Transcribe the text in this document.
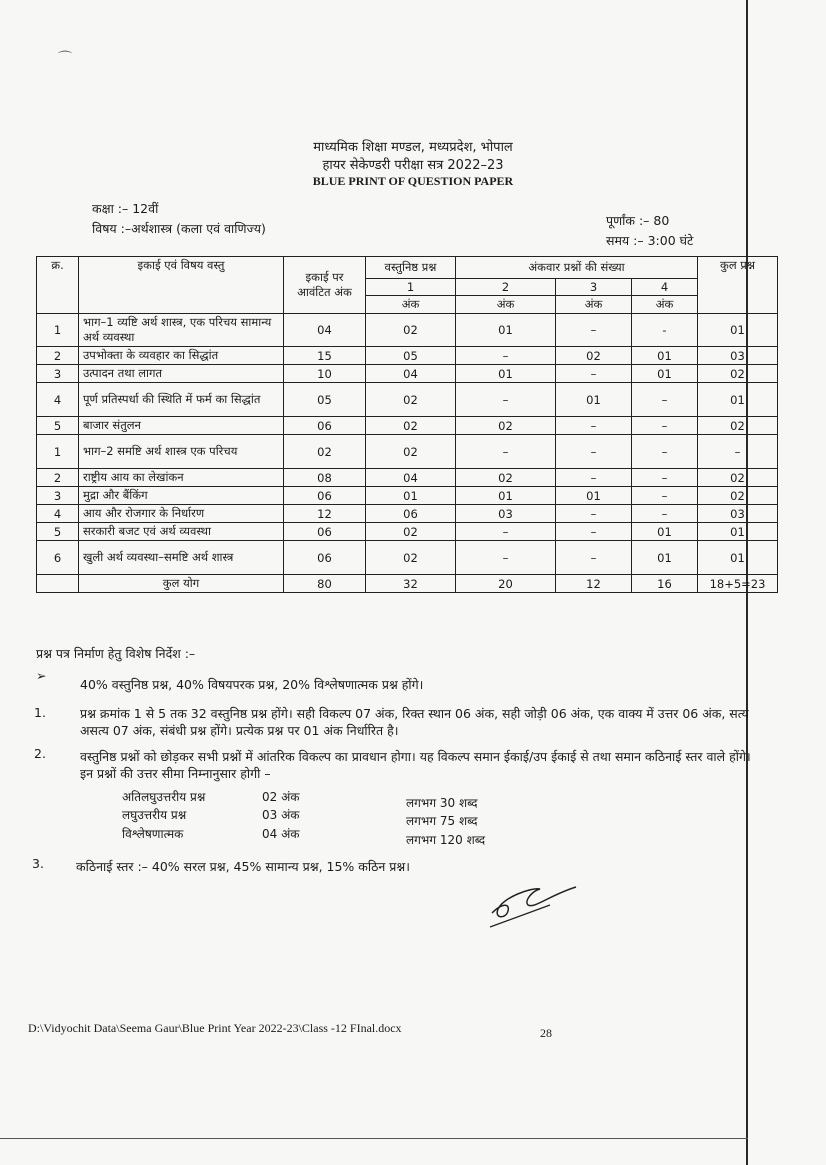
⌒
माध्यमिक शिक्षा मण्डल, मध्यप्रदेश, भोपाल
हायर सेकेण्डरी परीक्षा सत्र 2022–23
BLUE PRINT OF QUESTION PAPER
कक्षा :– 12वीं
विषय :–अर्थशास्त्र (कला एवं वाणिज्य)
पूर्णांक :– 80
समय :– 3:00 घंटे
क्र.	इकाई एवं विषय वस्तु	इकाई पर आवंटित अंक	वस्तुनिष्ठ प्रश्न	अंकवार प्रश्नों की संख्या			कुल प्रश्न
			1	2	3	4	
			अंक	अंक	अंक	अंक	
1	भाग–1 व्यष्टि अर्थ शास्त्र, एक परिचय सामान्य अर्थ व्यवस्था	04	02	01	–	-	01
2	उपभोक्ता के व्यवहार का सिद्धांत	15	05	–	02	01	03
3	उत्पादन तथा लागत	10	04	01	–	01	02
4	पूर्ण प्रतिस्पर्धा की स्थिति में फर्म का सिद्धांत	05	02	–	01	–	01
5	बाजार संतुलन	06	02	02	–	–	02
1	भाग–2 समष्टि अर्थ शास्त्र एक परिचय	02	02	–	–	–	–
2	राष्ट्रीय आय का लेखांकन	08	04	02	–	–	02
3	मुद्रा और बैंकिंग	06	01	01	01	–	02
4	आय और रोजगार के निर्धारण	12	06	03	–	–	03
5	सरकारी बजट एवं अर्थ व्यवस्था	06	02	–	–	01	01
6	खुली अर्थ व्यवस्था–समष्टि अर्थ शास्त्र	06	02	–	–	01	01
	कुल योग	80	32	20	12	16	18+5=23
प्रश्न पत्र निर्माण हेतु विशेष निर्देश :–
➢
40% वस्तुनिष्ठ प्रश्न, 40% विषयपरक प्रश्न, 20% विश्लेषणात्मक प्रश्न होंगे।
1.	प्रश्न क्रमांक 1 से 5 तक 32 वस्तुनिष्ठ प्रश्न होंगे। सही विकल्प 07 अंक, रिक्त स्थान 06 अंक, सही जोड़ी 06 अंक, एक वाक्य में उत्तर 06 अंक, सत्य असत्य 07 अंक, संबंधी प्रश्न होंगे। प्रत्येक प्रश्न पर 01 अंक निर्धारित है।
2.	वस्तुनिष्ठ प्रश्नों को छोड़कर सभी प्रश्नों में आंतरिक विकल्प का प्रावधान होगा। यह विकल्प समान ईकाई/उप ईकाई से तथा समान कठिनाई स्तर वाले होंगे। इन प्रश्नों की उत्तर सीमा निम्नानुसार होगी –
अतिलघुउत्तरीय प्रश्न	02 अंक	लगभग 30 शब्द
लघुउत्तरीय प्रश्न	03 अंक	लगभग 75 शब्द
विश्लेषणात्मक	04 अंक	लगभग 120 शब्द
3.	कठिनाई स्तर :– 40% सरल प्रश्न, 45% सामान्य प्रश्न, 15% कठिन प्रश्न।
D:\Vidyochit Data\Seema Gaur\Blue Print Year 2022-23\Class -12 FInal.docx	28
